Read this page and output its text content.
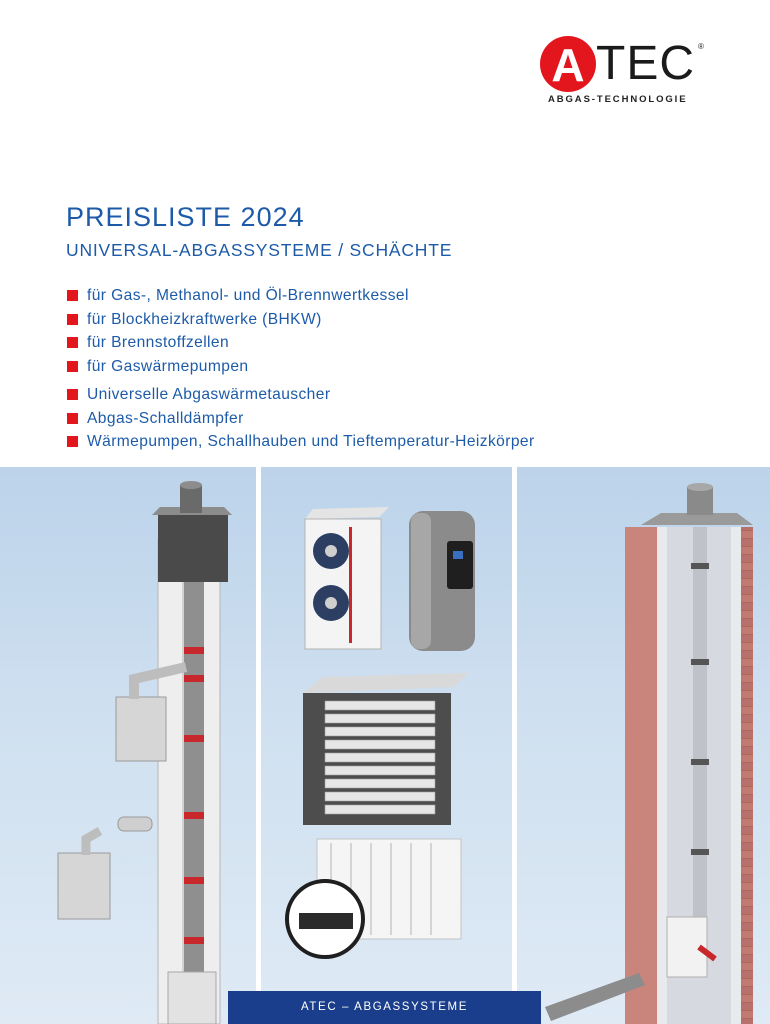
A TEC ®
ABGAS-TECHNOLOGIE
PREISLISTE 2024
UNIVERSAL-ABGASSYSTEME / SCHÄCHTE
für Gas-, Methanol- und Öl-Brennwertkessel
für Blockheizkraftwerke (BHKW)
für Brennstoffzellen
für Gaswärmepumpen
Universelle Abgaswärmetauscher
Abgas-Schalldämpfer
Wärmepumpen, Schallhauben und Tieftemperatur-Heizkörper
ATEC – ABGASSYSTEME
